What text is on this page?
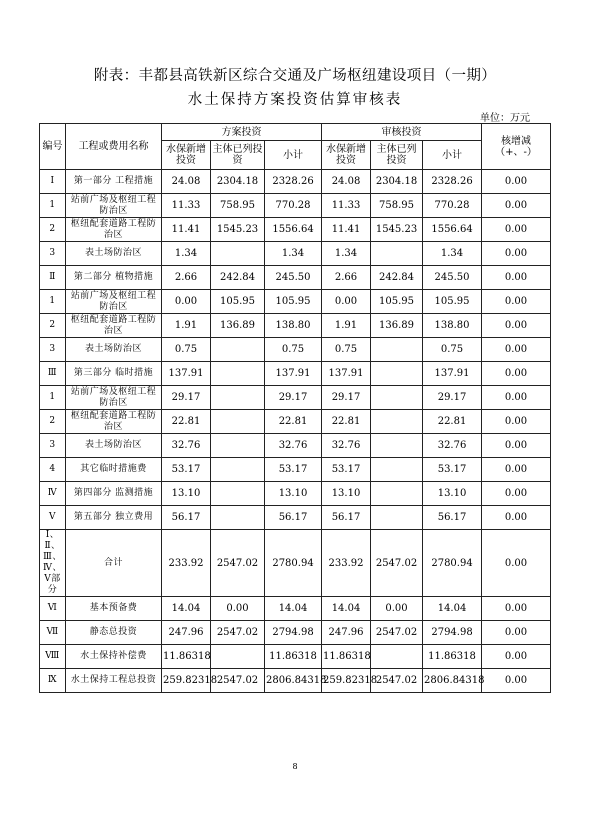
附表：丰都县高铁新区综合交通及广场枢纽建设项目（一期）
水土保持方案投资估算审核表
单位：万元
编号	工程或费用名称	方案投资			审核投资			核增减（+、-）
		水保新增投资	主体已列投资	小计	水保新增投资	主体已列投资	小计	
Ⅰ	第一部分 工程措施	24.08	2304.18	2328.26	24.08	2304.18	2328.26	0.00
1	站前广场及枢纽工程防治区	11.33	758.95	770.28	11.33	758.95	770.28	0.00
2	枢纽配套道路工程防治区	11.41	1545.23	1556.64	11.41	1545.23	1556.64	0.00
3	表土场防治区	1.34		1.34	1.34		1.34	0.00
Ⅱ	第二部分 植物措施	2.66	242.84	245.50	2.66	242.84	245.50	0.00
1	站前广场及枢纽工程防治区	0.00	105.95	105.95	0.00	105.95	105.95	0.00
2	枢纽配套道路工程防治区	1.91	136.89	138.80	1.91	136.89	138.80	0.00
3	表土场防治区	0.75		0.75	0.75		0.75	0.00
Ⅲ	第三部分 临时措施	137.91		137.91	137.91		137.91	0.00
1	站前广场及枢纽工程防治区	29.17		29.17	29.17		29.17	0.00
2	枢纽配套道路工程防治区	22.81		22.81	22.81		22.81	0.00
3	表土场防治区	32.76		32.76	32.76		32.76	0.00
4	其它临时措施费	53.17		53.17	53.17		53.17	0.00
Ⅳ	第四部分 监测措施	13.10		13.10	13.10		13.10	0.00
Ⅴ	第五部分 独立费用	56.17		56.17	56.17		56.17	0.00
Ⅰ、Ⅱ、Ⅲ、Ⅳ、Ⅴ部分	合计	233.92	2547.02	2780.94	233.92	2547.02	2780.94	0.00
Ⅵ	基本预备费	14.04	0.00	14.04	14.04	0.00	14.04	0.00
Ⅶ	静态总投资	247.96	2547.02	2794.98	247.96	2547.02	2794.98	0.00
Ⅷ	水土保持补偿费	11.86318		11.86318	11.86318		11.86318	0.00
Ⅸ	水土保持工程总投资	259.82318	2547.02	2806.84318	259.82318	2547.02	2806.84318	0.00
8
